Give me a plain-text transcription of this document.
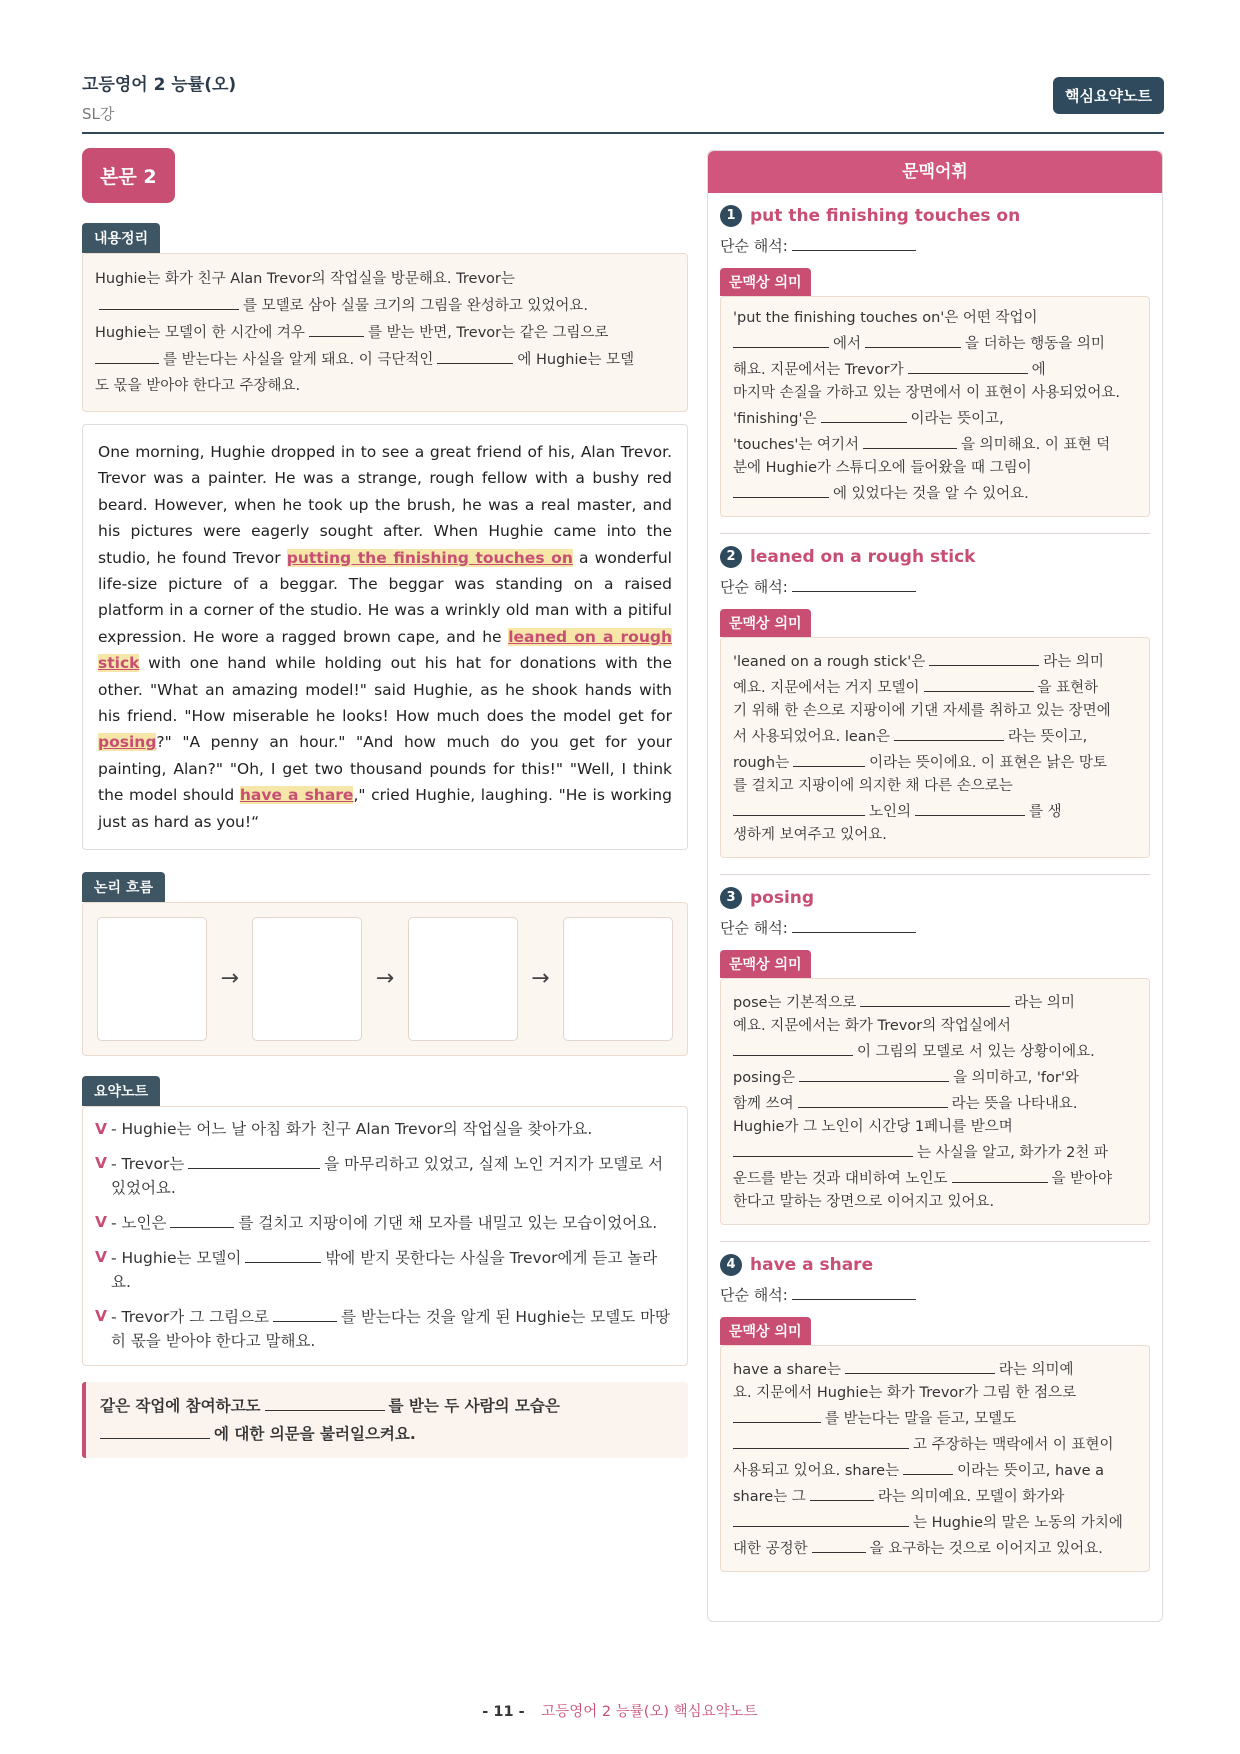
고등영어 2 능률(오)
SL강
핵심요약노트
본문 2
내용정리
Hughie는 화가 친구 Alan Trevor의 작업실을 방문해요. Trevor는
를 모델로 삼아 실물 크기의 그림을 완성하고 있었어요.
Hughie는 모델이 한 시간에 겨우	를 받는 반면, Trevor는 같은 그림으로
를 받는다는 사실을 알게 돼요. 이 극단적인	에 Hughie는 모델
도 몫을 받아야 한다고 주장해요.
One morning, Hughie dropped in to see a great friend of his, Alan Trevor. Trevor was a painter. He was a strange, rough fellow with a bushy red beard. However, when he took up the brush, he was a real master, and his pictures were eagerly sought after. When Hughie came into the studio, he found Trevor putting the finishing touches on a wonderful life-size picture of a beggar. The beggar was standing on a raised platform in a corner of the studio. He was a wrinkly old man with a pitiful expression. He wore a ragged brown cape, and he leaned on a rough stick with one hand while holding out his hat for donations with the other. "What an amazing model!" said Hughie, as he shook hands with his friend. "How miserable he looks! How much does the model get for posing?" "A penny an hour." "And how much do you get for your painting, Alan?" "Oh, I get two thousand pounds for this!" "Well, I think the model should have a share," cried Hughie, laughing. "He is working just as hard as you!“
논리 흐름
→	→	→
요약노트
V - Hughie는 어느 날 아침 화가 친구 Alan Trevor의 작업실을 찾아가요.
V - Trevor는	을 마무리하고 있었고, 실제 노인 거지가 모델로 서 있었어요.
V - 노인은	를 걸치고 지팡이에 기댄 채 모자를 내밀고 있는 모습이었어요.
V - Hughie는 모델이	밖에 받지 못한다는 사실을 Trevor에게 듣고 놀라요.
V - Trevor가 그 그림으로	를 받는다는 것을 알게 된 Hughie는 모델도 마땅히 몫을 받아야 한다고 말해요.
같은 작업에 참여하고도	를 받는 두 사람의 모습은
에 대한 의문을 불러일으켜요.
문맥어휘
1 put the finishing touches on
단순 해석:
문맥상 의미
'put the finishing touches on'은 어떤 작업이
에서	을 더하는 행동을 의미
해요. 지문에서는 Trevor가	에
마지막 손질을 가하고 있는 장면에서 이 표현이 사용되었어요.
'finishing'은	이라는 뜻이고,
'touches'는 여기서	을 의미해요. 이 표현 덕
분에 Hughie가 스튜디오에 들어왔을 때 그림이
에 있었다는 것을 알 수 있어요.
2 leaned on a rough stick
단순 해석:
문맥상 의미
'leaned on a rough stick'은	라는 의미
예요. 지문에서는 거지 모델이	을 표현하
기 위해 한 손으로 지팡이에 기댄 자세를 취하고 있는 장면에
서 사용되었어요. lean은	라는 뜻이고,
rough는	이라는 뜻이에요. 이 표현은 낡은 망토
를 걸치고 지팡이에 의지한 채 다른 손으로는
노인의	를 생
생하게 보여주고 있어요.
3 posing
단순 해석:
문맥상 의미
pose는 기본적으로	라는 의미
예요. 지문에서는 화가 Trevor의 작업실에서
이 그림의 모델로 서 있는 상황이에요.
posing은	을 의미하고, 'for'와
함께 쓰여	라는 뜻을 나타내요.
Hughie가 그 노인이 시간당 1페니를 받으며
는 사실을 알고, 화가가 2천 파
운드를 받는 것과 대비하여 노인도	을 받아야
한다고 말하는 장면으로 이어지고 있어요.
4 have a share
단순 해석:
문맥상 의미
have a share는	라는 의미예
요. 지문에서 Hughie는 화가 Trevor가 그림 한 점으로
를 받는다는 말을 듣고, 모델도
고 주장하는 맥락에서 이 표현이
사용되고 있어요. share는	이라는 뜻이고, have a
share는 그	라는 의미예요. 모델이 화가와
는 Hughie의 말은 노동의 가치에
대한 공정한	을 요구하는 것으로 이어지고 있어요.
- 11 - 고등영어 2 능률(오) 핵심요약노트
